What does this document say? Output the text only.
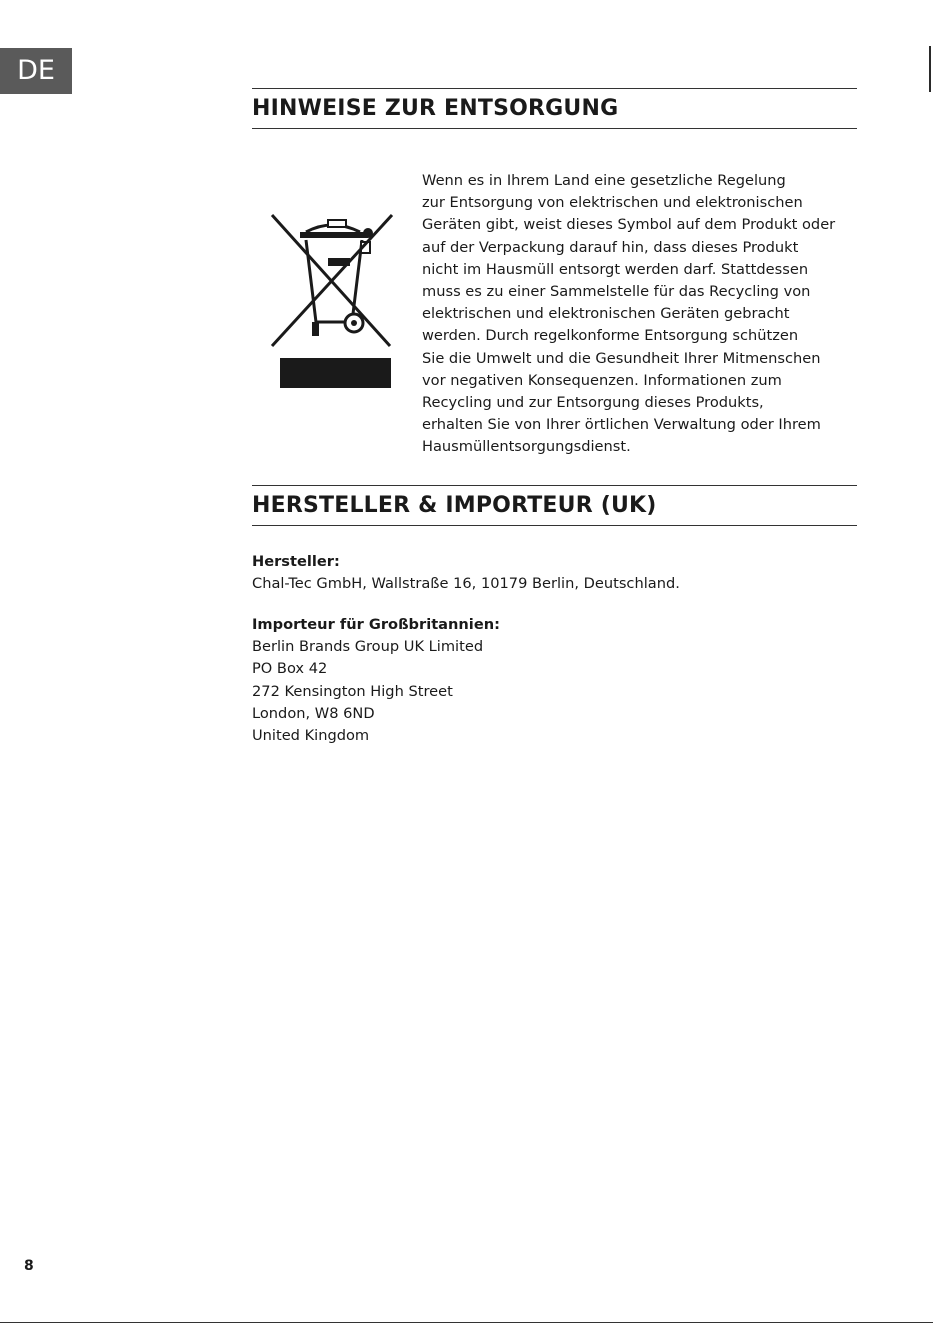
DE
HINWEISE ZUR ENTSORGUNG

Wenn es in Ihrem Land eine gesetzliche Regelung
zur Entsorgung von elektrischen und elektronischen
Geräten gibt, weist dieses Symbol auf dem Produkt oder
auf der Verpackung darauf hin, dass dieses Produkt
nicht im Hausmüll entsorgt werden darf. Stattdessen
muss es zu einer Sammelstelle für das Recycling von
elektrischen und elektronischen Geräten gebracht
werden. Durch regelkonforme Entsorgung schützen
Sie die Umwelt und die Gesundheit Ihrer Mitmenschen
vor negativen Konsequenzen. Informationen zum
Recycling und zur Entsorgung dieses Produkts,
erhalten Sie von Ihrer örtlichen Verwaltung oder Ihrem
Hausmüllentsorgungsdienst.

HERSTELLER & IMPORTEUR (UK)
Hersteller:
Chal-Tec GmbH, Wallstraße 16, 10179 Berlin, Deutschland.
Importeur für Großbritannien:
Berlin Brands Group UK Limited
PO Box 42
272 Kensington High Street
London, W8 6ND
United Kingdom
8
